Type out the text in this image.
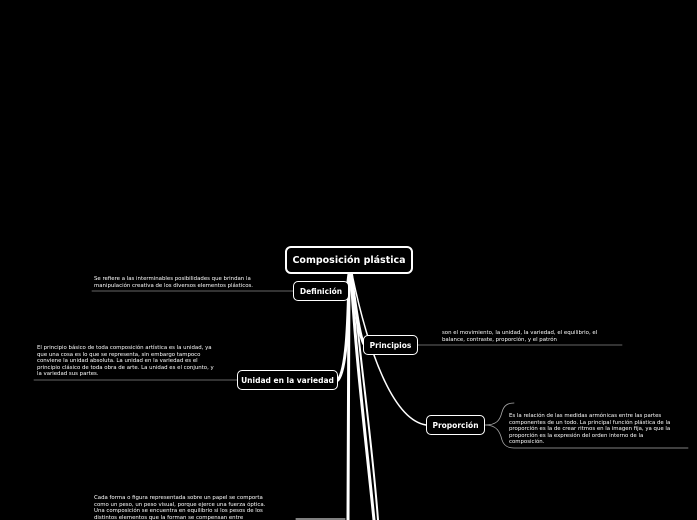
Composición plástica
Definición
Principios
Unidad en la variedad
Proporción
Se refiere a las interminables posibilidades que brindan la manipulación creativa de los diversos elementos plásticos.
son el movimiento, la unidad, la variedad, el equilibrio, el balance, contraste, proporción, y el patrón
El principio básico de toda composición artística es la unidad, ya que una cosa es lo que se representa, sin embargo tampoco conviene la unidad absoluta. La unidad en la variedad es el principio clásico de toda obra de arte. La unidad es el conjunto, y la variedad sus partes.
Es la relación de las medidas armónicas entre las partes componentes de un todo. La principal función plástica de la proporción es la de crear ritmos en la imagen fija, ya que la proporción es la expresión del orden interno de la composición.
Cada forma o figura representada sobre un papel se comporta como un peso, un peso visual, porque ejerce una fuerza óptica. Una composición se encuentra en equilibrio si los pesos de los distintos elementos que la forman se compensan entre
